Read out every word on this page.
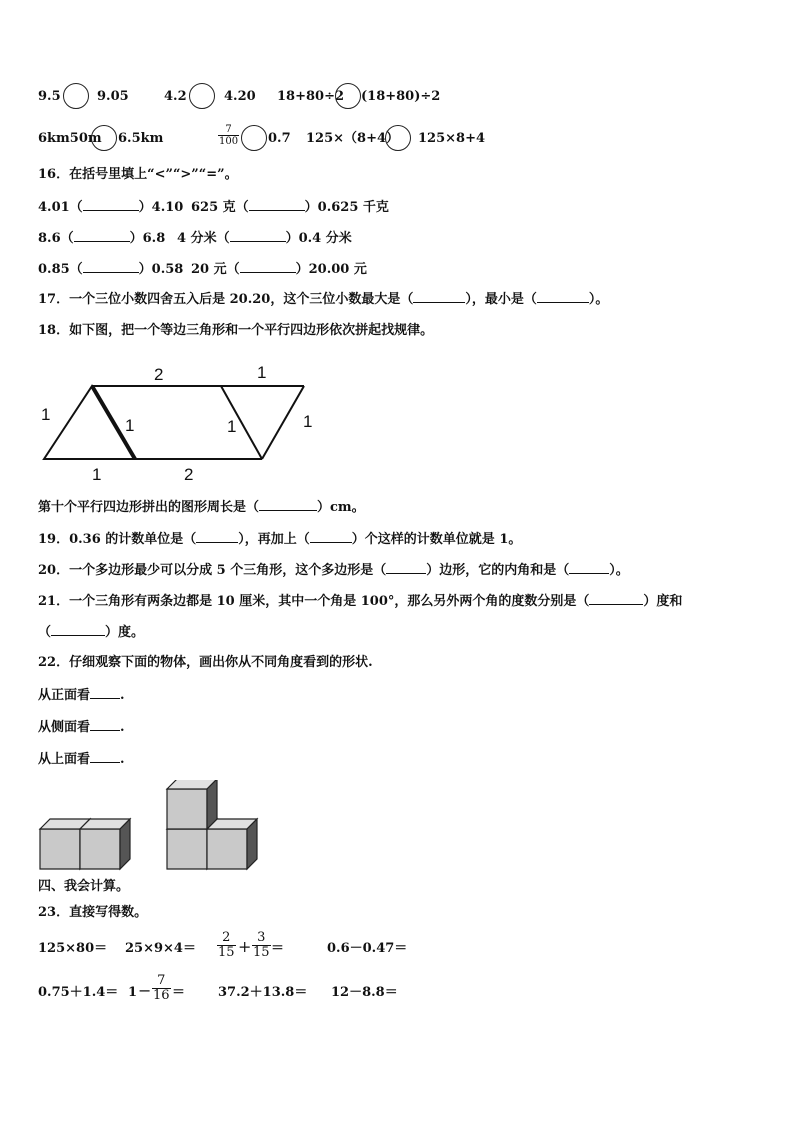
9.5	9.05	4.2	4.20 18+80÷2 (18+80)÷2
6km50m 6.5km	$\frac{7}{100} 0.7$ 125×（8+4） 125×8+4
16．在括号里填上“<”“>”“=”。
4.01（	）4.10 625 克（	）0.625 千克
8.6（	）6.8 4 分米（	）0.4 分米
0.85（	）0.58 20 元（	）20.00 元
17．一个三位小数四舍五入后是 20.20，这个三位小数最大是（	），最小是（	）。
18．如下图，把一个等边三角形和一个平行四边形依次拼起找规律。
1
2	1
1	1	1
1	2
第十个平行四边形拼出的图形周长是（	）cm。
19．0.36 的计数单位是（	），再加上（	）个这样的计数单位就是 1。
20．一个多边形最少可以分成 5 个三角形，这个多边形是（	）边形，它的内角和是（	）。
21．一个三角形有两条边都是 10 厘米，其中一个角是 100°，那么另外两个角的度数分别是（	）度和
（	）度。
22．仔细观察下面的物体，画出你从不同角度看到的形状.
从正面看 .
从侧面看 .
从上面看 .
四、我会计算。
23．直接写得数。
$125\times 80= 25\times 9\times 4= \frac{2}{15} + \frac{3}{15}$ ＝	0.6－0.47＝
$0.75+1.4= 1 - \frac{7}{16}$ ＝	37.2＋13.8＝ 12－8.8＝
